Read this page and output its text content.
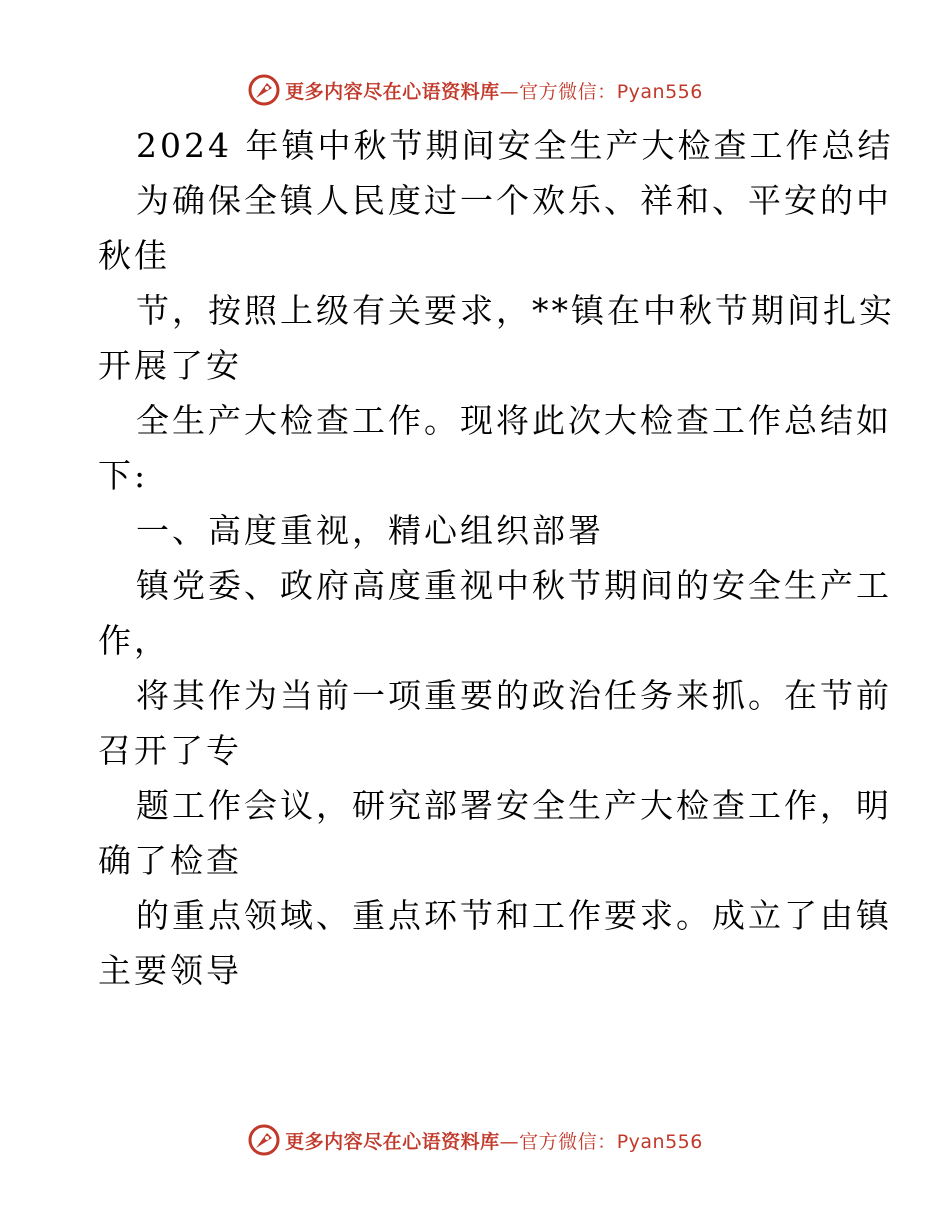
更多内容尽在心语资料库—官方微信：Pyan556
2024 年镇中秋节期间安全生产大检查工作总结
为确保全镇人民度过一个欢乐、祥和、平安的中
秋佳
节，按照上级有关要求，**镇在中秋节期间扎实
开展了安
全生产大检查工作。现将此次大检查工作总结如
下:
一、高度重视，精心组织部署
镇党委、政府高度重视中秋节期间的安全生产工
作，
将其作为当前一项重要的政治任务来抓。在节前
召开了专
题工作会议，研究部署安全生产大检查工作，明
确了检查
的重点领域、重点环节和工作要求。成立了由镇
主要领导
更多内容尽在心语资料库—官方微信：Pyan556
